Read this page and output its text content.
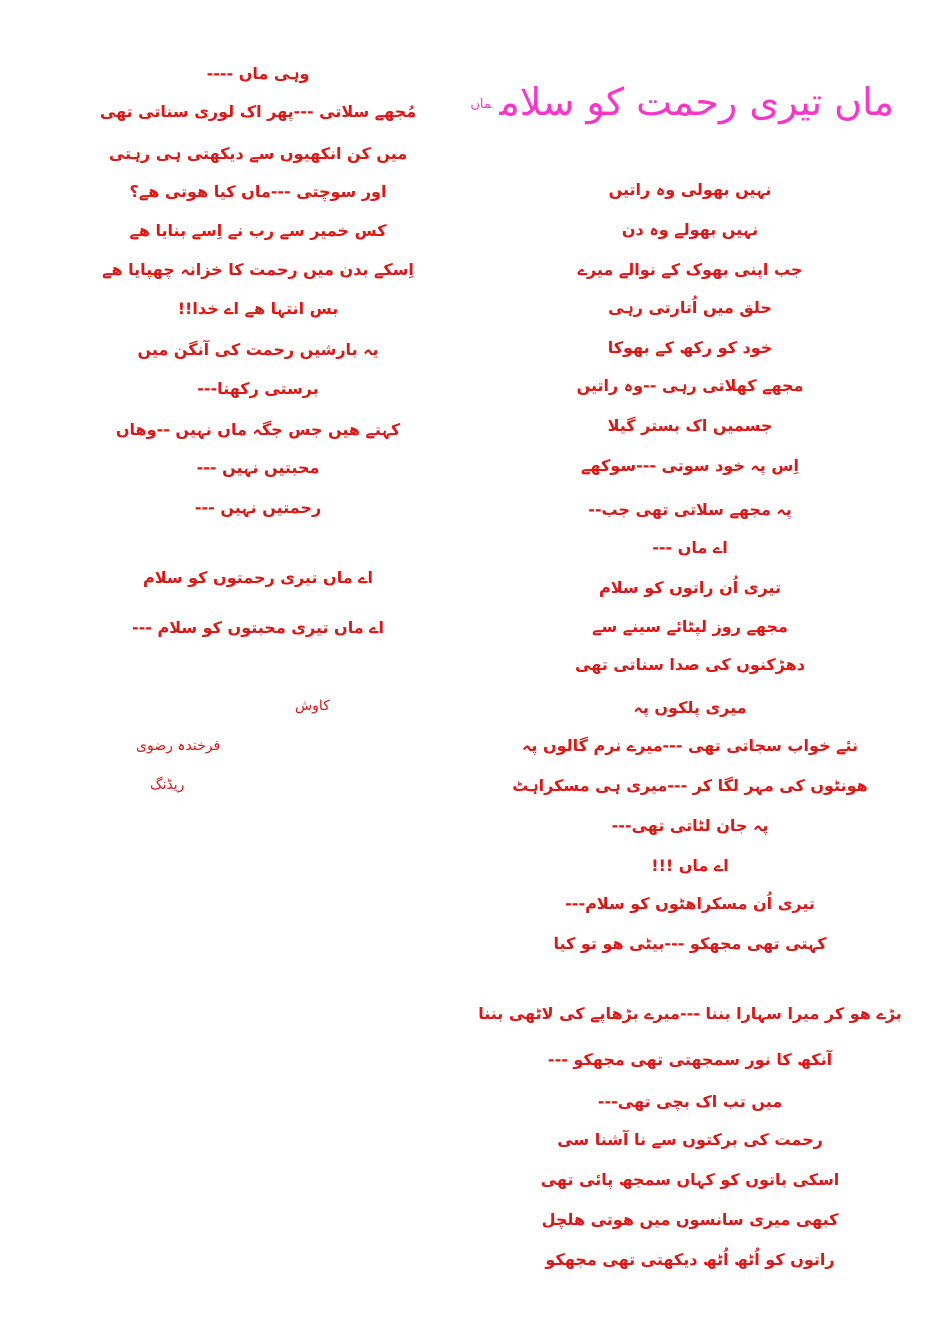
ماں تیری رحمت کو سلامماں
وہی ماں ----
مُجھے سلاتی ---پھر اک لوری سناتی تھی
میں کن انکھیوں سے دیکھتی ہی رہتی
اور سوچتی ---ماں کیا ھوتی ھے؟
کس خمیر سے رب نے اِسے بنایا ھے
اِسکے بدن میں رحمت کا خزانہ چھپایا ھے
بس انتہا ھے اے خدا!!
یہ بارشیں رحمت کی آنگن میں
برستی رکھنا---
کہتے ھیں جس جگہ ماں نہیں --وھاں
محبتیں نہیں ---
رحمتیں نہیں ---
اے ماں تیری رحمتوں کو سلام
اے ماں تیری محبتوں کو سلام ---
کاوش
فرخندہ رضوی
ریڈنگ
نہیں بھولی وہ راتیں
نہیں بھولے وہ دن
جب اپنی بھوک کے نوالے میرے
حلق میں اُتارتی رہی
خود کو رکھ کے بھوکا
مجھے کھلاتی رہی --وہ راتیں
جسمیں اک بستر گیلا
اِس پہ خود سوتی ---سوکھے
پہ مجھے سلاتی تھی جب--
اے ماں ---
تیری اُن راتوں کو سلام
مجھے روز لپٹائے سینے سے
دھڑکنوں کی صدا سناتی تھی
میری پلکوں پہ
نئے خواب سجاتی تھی ---میرے نرم گالوں پہ
ھونٹوں کی مہر لگا کر ---میری ہی مسکراہٹ
پہ جان لٹاتی تھی---
اے ماں !!!
تیری اُن مسکراھٹوں کو سلام---
کہتی تھی مجھکو ---بیٹی ھو تو کیا
بڑے ھو کر میرا سہارا بننا ---میرے بڑھاپے کی لاٹھی بننا
آنکھ کا نور سمجھتی تھی مجھکو ---
میں تب اک بچی تھی---
رحمت کی برکتوں سے نا آشنا سی
اسکی باتوں کو کہاں سمجھ پائی تھی
کبھی میری سانسوں میں ھوتی ھلچل
راتوں کو اُٹھ اُٹھ دیکھتی تھی مجھکو
